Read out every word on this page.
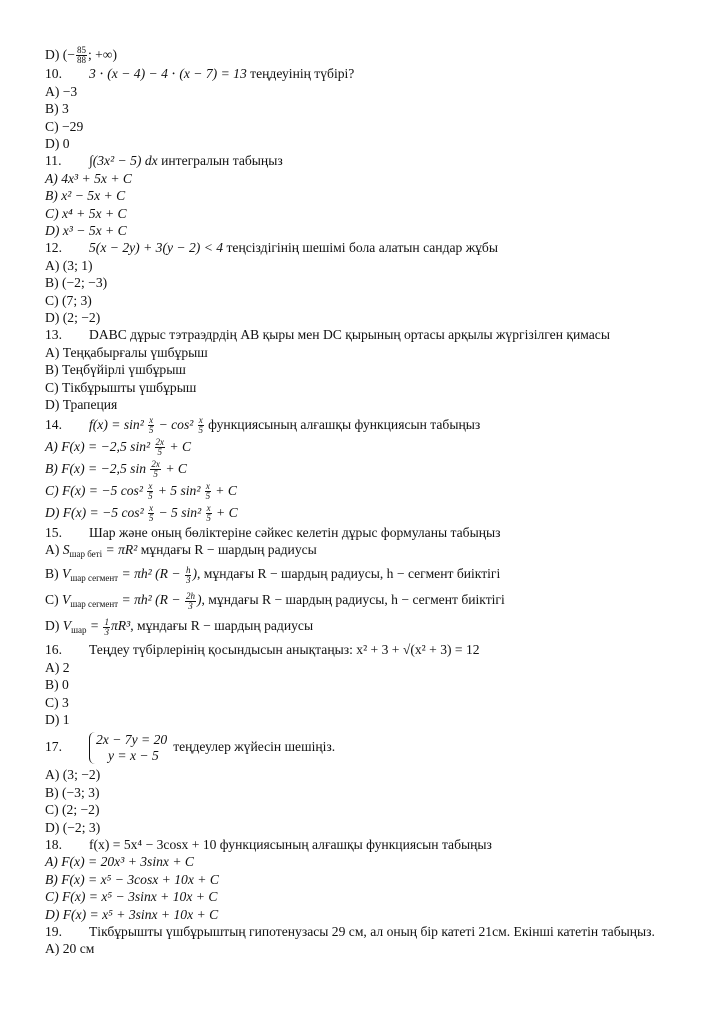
D) (− $\frac{85}{88}$ ; +∞)
10. 3 ⋅ (x − 4) − 4 ⋅ (x − 7) = 13 теңдеуінің түбірі?
A) −3
B) 3
C) −29
D) 0
11. ∫(3x² − 5) dx интегралын табыңыз
A) 4x³ + 5x + C
B) x² − 5x + C
C) x⁴ + 5x + C
D) x³ − 5x + C
12. 5(x − 2y) + 3(y − 2) < 4 теңсіздігінің шешімі бола алатын сандар жұбы
A) (3; 1)
B) (−2; −3)
C) (7; 3)
D) (2; −2)
13. DABC дұрыс тэтраэдрдің AB қыры мен DC қырының ортасы арқылы жүргізілген қимасы
A) Теңқабырғалы үшбұрыш
B) Теңбүйірлі үшбұрыш
C) Тікбұрышты үшбұрыш
D) Трапеция
14. $f(x) = \sin^2 \frac{x}{5} - \cos^2 \frac{x}{5}$ функциясының алғашқы функциясын табыңыз
A) F(x) = −2,5 $\sin^2 \frac{2x}{5} + C$
B) F(x) = −2,5 $\sin \frac{2x}{5} + C$
C) F(x) = −5 $\cos^2 \frac{x}{5} + 5$ $\sin^2 \frac{x}{5} + C$
D) F(x) = −5 $\cos^2 \frac{x}{5} - 5$ $\sin^2 \frac{x}{5} + C$
15. Шар және оның бөліктеріне сәйкес келетін дұрыс формуланы табыңыз
A) $S_{шар беті} = \pi R^2$ мұндағы R − шардың радиусы
B) $V_{шар сегмент} = \pi h^2$ ($R - \frac{h}{3}$ ), мұндағы R − шардың радиусы, h − сегмент биіктігі
C) $V_{шар сегмент} = \pi h^2$ ($R - \frac{2h}{3}$ ), мұндағы R − шардың радиусы, h − сегмент биіктігі
D) $V_{шар} = \frac{1}{3} \pi R^3$, мұндағы R − шардың радиусы
16. Теңдеу түбірлерінің қосындысын анықтаңыз: x² + 3 + √(x² + 3) = 12
A) 2
B) 0
C) 3
D) 1
17.	2x − 7y = 20
y = x − 5
теңдеулер жүйесін шешіңіз.
A) (3; −2)
B) (−3; 3)
C) (2; −2)
D) (−2; 3)
18. f(x) = 5x⁴ − 3cosx + 10 функциясының алғашқы функциясын табыңыз
A) F(x) = 20x³ + 3sinx + C
B) F(x) = x⁵ − 3cosx + 10x + C
C) F(x) = x⁵ − 3sinx + 10x + C
D) F(x) = x⁵ + 3sinx + 10x + C
19. Тікбұрышты үшбұрыштың гипотенузасы 29 см, ал оның бір катеті 21см. Екінші катетін табыңыз.
A) 20 см
